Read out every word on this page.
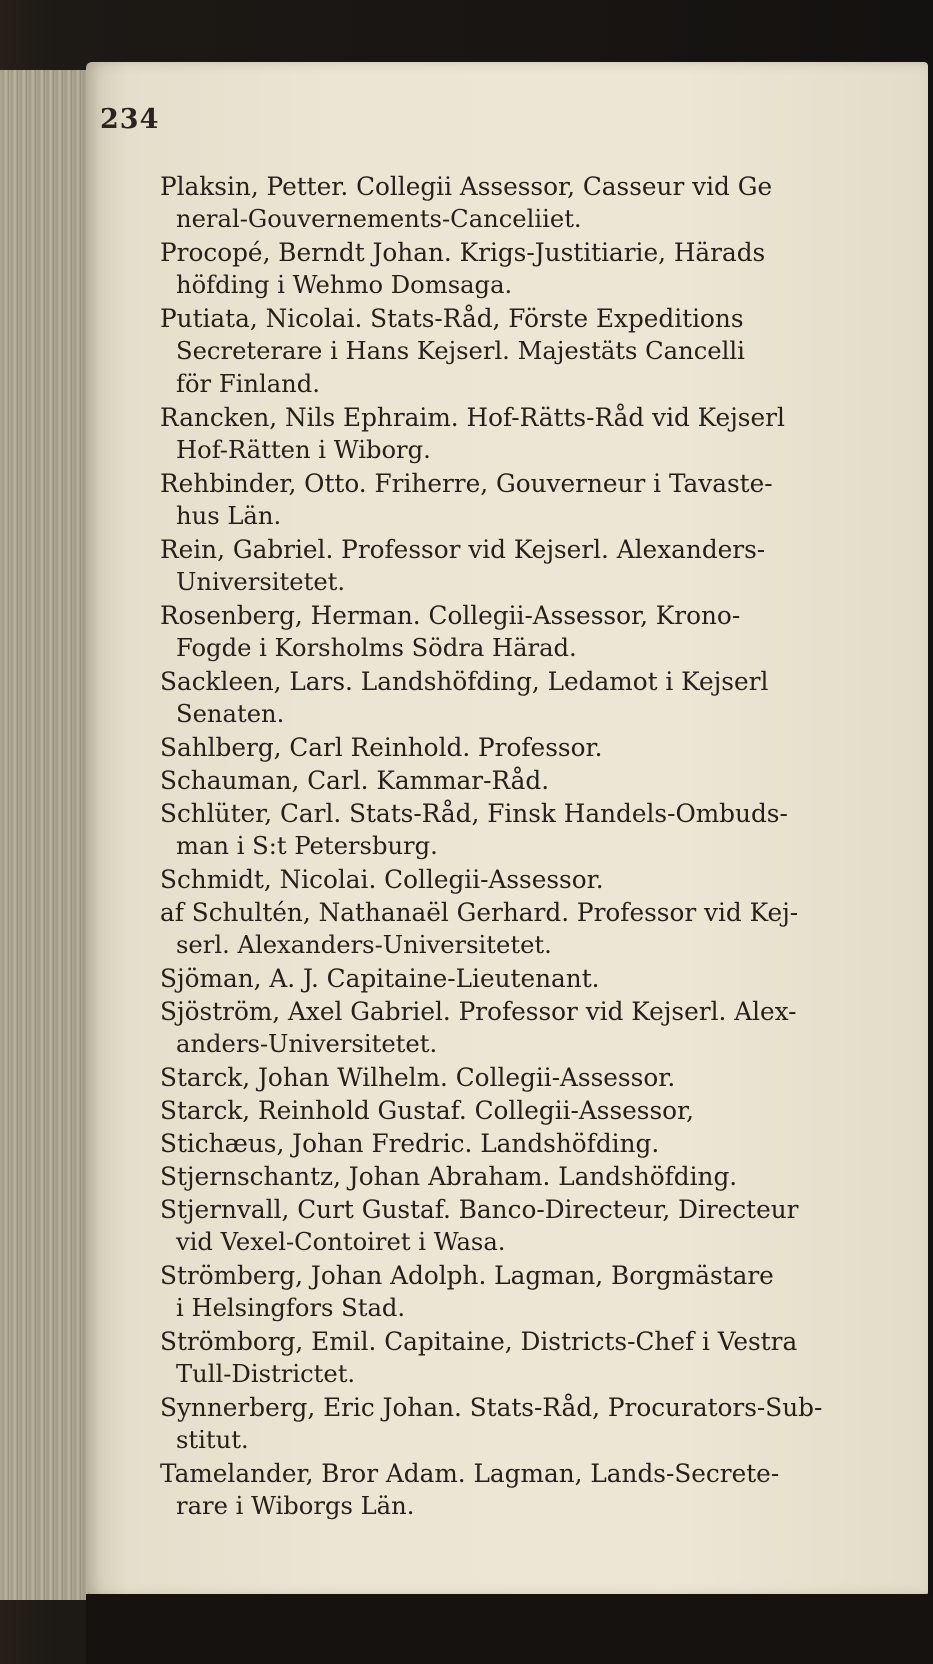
234
Plaksin, Petter. Collegii Assessor, Casseur vid Ge
neral-Gouvernements-Canceliiet.
Procopé, Berndt Johan. Krigs-Justitiarie, Härads
höfding i Wehmo Domsaga.
Putiata, Nicolai. Stats-Råd, Förste Expeditions
Secreterare i Hans Kejserl. Majestäts Cancelli
för Finland.
Rancken, Nils Ephraim. Hof-Rätts-Råd vid Kejserl
Hof-Rätten i Wiborg.
Rehbinder, Otto. Friherre, Gouverneur i Tavaste-
hus Län.
Rein, Gabriel. Professor vid Kejserl. Alexanders-
Universitetet.
Rosenberg, Herman. Collegii-Assessor, Krono-
Fogde i Korsholms Södra Härad.
Sackleen, Lars. Landshöfding, Ledamot i Kejserl
Senaten.
Sahlberg, Carl Reinhold. Professor.
Schauman, Carl. Kammar-Råd.
Schlüter, Carl. Stats-Råd, Finsk Handels-Ombuds-
man i S:t Petersburg.
Schmidt, Nicolai. Collegii-Assessor.
af Schultén, Nathanaël Gerhard. Professor vid Kej-
serl. Alexanders-Universitetet.
Sjöman, A. J. Capitaine-Lieutenant.
Sjöström, Axel Gabriel. Professor vid Kejserl. Alex-
anders-Universitetet.
Starck, Johan Wilhelm. Collegii-Assessor.
Starck, Reinhold Gustaf. Collegii-Assessor,
Stichæus, Johan Fredric. Landshöfding.
Stjernschantz, Johan Abraham. Landshöfding.
Stjernvall, Curt Gustaf. Banco-Directeur, Directeur
vid Vexel-Contoiret i Wasa.
Strömberg, Johan Adolph. Lagman, Borgmästare
i Helsingfors Stad.
Strömborg, Emil. Capitaine, Districts-Chef i Vestra
Tull-Districtet.
Synnerberg, Eric Johan. Stats-Råd, Procurators-Sub-
stitut.
Tamelander, Bror Adam. Lagman, Lands-Secrete-
rare i Wiborgs Län.
